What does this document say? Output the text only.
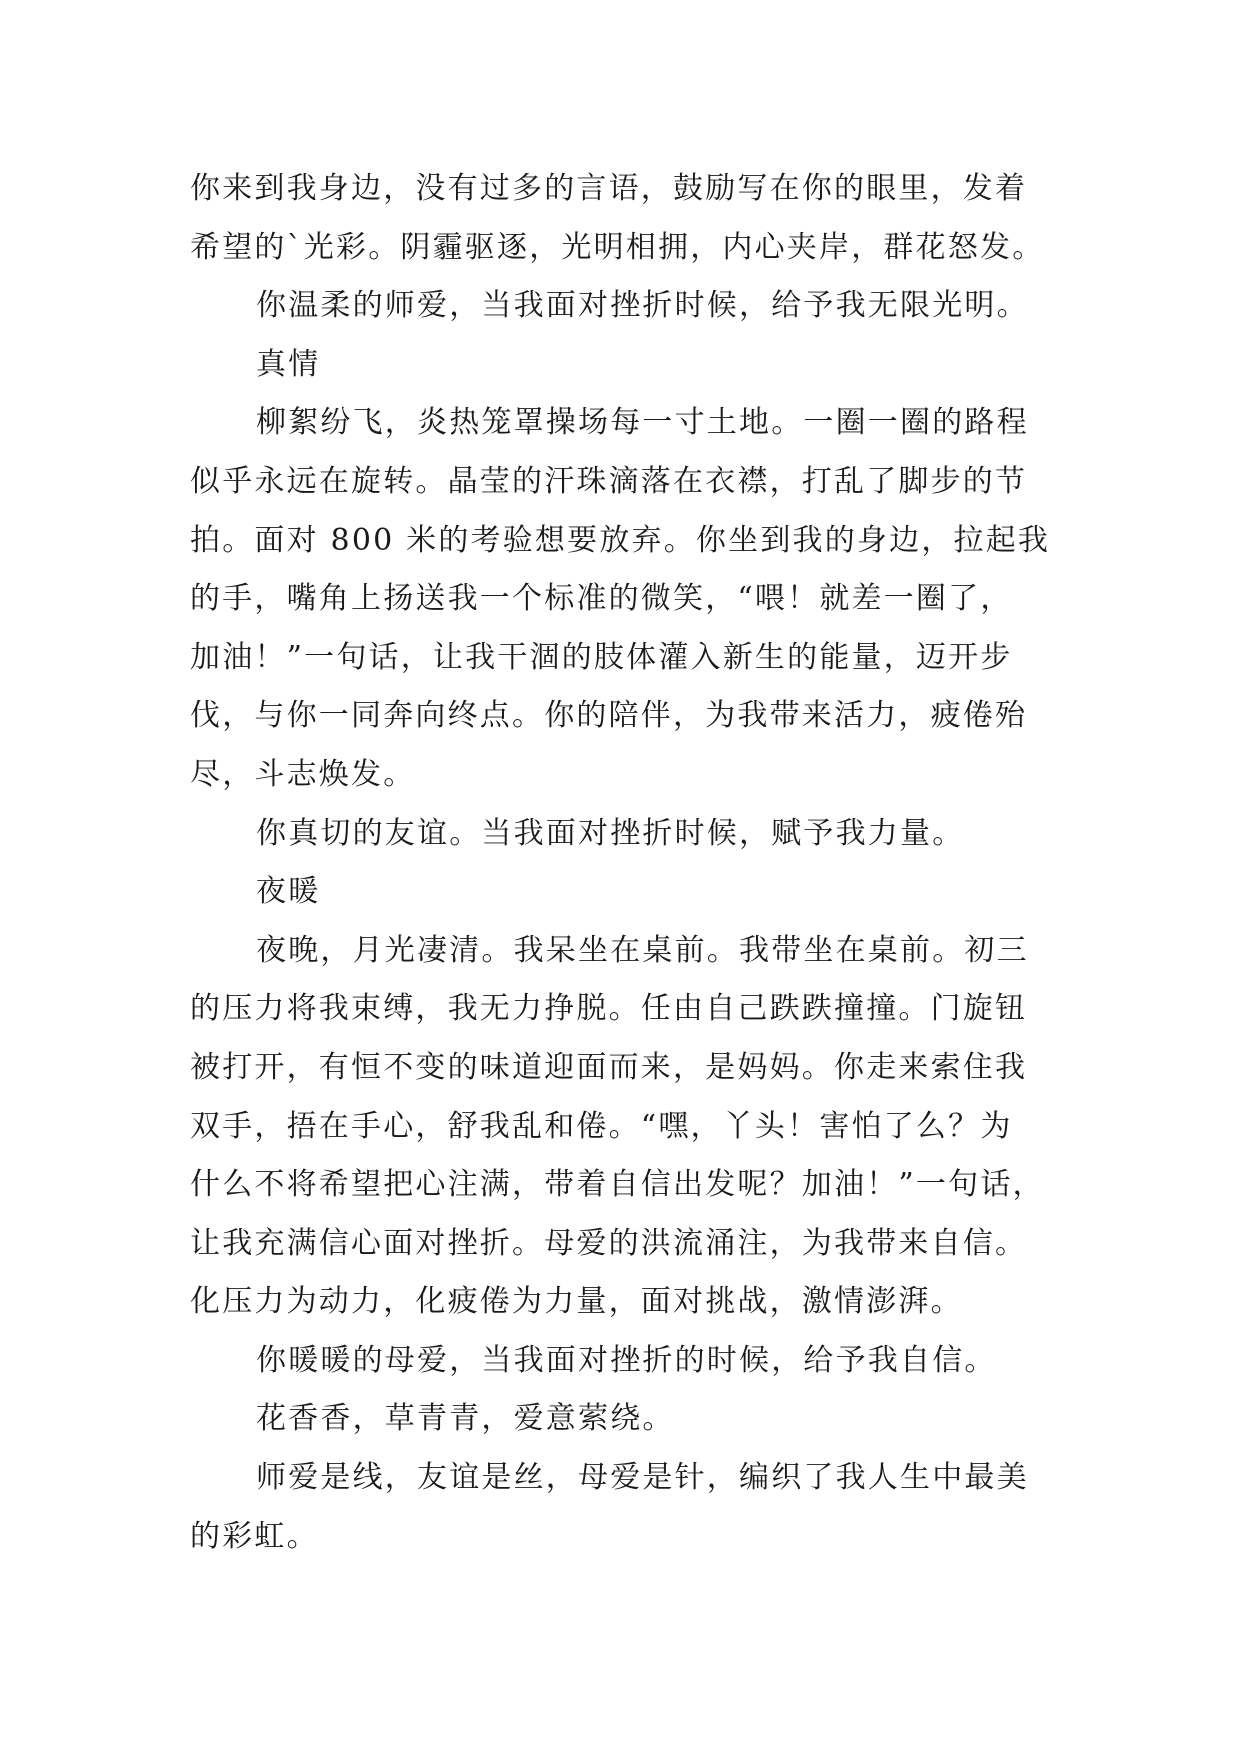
你来到我身边，没有过多的言语，鼓励写在你的眼里，发着
希望的`光彩。阴霾驱逐，光明相拥，内心夹岸，群花怒发。
你温柔的师爱，当我面对挫折时候，给予我无限光明。
真情
柳絮纷飞，炎热笼罩操场每一寸土地。一圈一圈的路程
似乎永远在旋转。晶莹的汗珠滴落在衣襟，打乱了脚步的节
拍。面对 800 米的考验想要放弃。你坐到我的身边，拉起我
的手，嘴角上扬送我一个标准的微笑，“喂！就差一圈了，
加油！”一句话，让我干涸的肢体灌入新生的能量，迈开步
伐，与你一同奔向终点。你的陪伴，为我带来活力，疲倦殆
尽，斗志焕发。
你真切的友谊。当我面对挫折时候，赋予我力量。
夜暖
夜晚，月光凄清。我呆坐在桌前。我带坐在桌前。初三
的压力将我束缚，我无力挣脱。任由自己跌跌撞撞。门旋钮
被打开，有恒不变的味道迎面而来，是妈妈。你走来索住我
双手，捂在手心，舒我乱和倦。“嘿，丫头！害怕了么？为
什么不将希望把心注满，带着自信出发呢？加油！”一句话，
让我充满信心面对挫折。母爱的洪流涌注，为我带来自信。
化压力为动力，化疲倦为力量，面对挑战，激情澎湃。
你暖暖的母爱，当我面对挫折的时候，给予我自信。
花香香，草青青，爱意萦绕。
师爱是线，友谊是丝，母爱是针，编织了我人生中最美
的彩虹。
